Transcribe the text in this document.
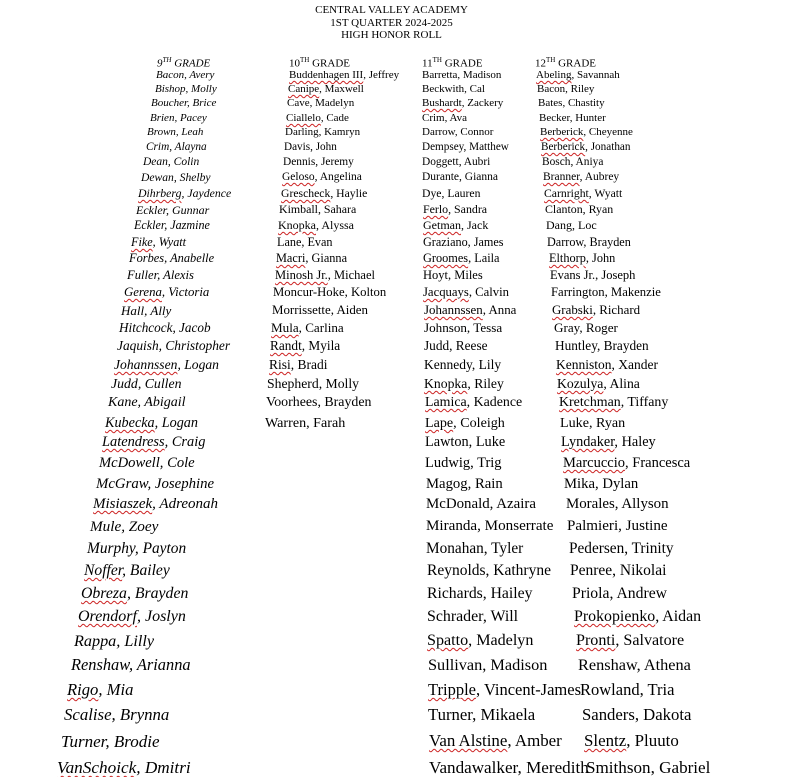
CENTRAL VALLEY ACADEMY
1ST QUARTER 2024-2025
HIGH HONOR ROLL
9TH GRADE
Bacon, Avery
Bishop, Molly
Boucher, Brice
Brien, Pacey
Brown, Leah
Crim, Alayna
Dean, Colin
Dewan, Shelby
Dihrberg, Jaydence
Eckler, Gunnar
Eckler, Jazmine
Fike, Wyatt
Forbes, Anabelle
Fuller, Alexis
Gerena, Victoria
Hall, Ally
Hitchcock, Jacob
Jaquish, Christopher
Johannssen, Logan
Judd, Cullen
Kane, Abigail
Kubecka, Logan
Latendress, Craig
McDowell, Cole
McGraw, Josephine
Misiaszek, Adreonah
Mule, Zoey
Murphy, Payton
Noffer, Bailey
Obreza, Brayden
Orendorf, Joslyn
Rappa, Lilly
Renshaw, Arianna
Rigo, Mia
Scalise, Brynna
Turner, Brodie
VanSchoick, Dmitri
10TH GRADE
Buddenhagen III, Jeffrey
Canipe, Maxwell
Cave, Madelyn
Ciallelo, Cade
Darling, Kamryn
Davis, John
Dennis, Jeremy
Geloso, Angelina
Grescheck, Haylie
Kimball, Sahara
Knopka, Alyssa
Lane, Evan
Macri, Gianna
Minosh Jr., Michael
Moncur-Hoke, Kolton
Morrissette, Aiden
Mula, Carlina
Randt, Myila
Risi, Bradi
Shepherd, Molly
Voorhees, Brayden
Warren, Farah
11TH GRADE
Barretta, Madison
Beckwith, Cal
Bushardt, Zackery
Crim, Ava
Darrow, Connor
Dempsey, Matthew
Doggett, Aubri
Durante, Gianna
Dye, Lauren
Ferlo, Sandra
Getman, Jack
Graziano, James
Groomes, Laila
Hoyt, Miles
Jacquays, Calvin
Johannssen, Anna
Johnson, Tessa
Judd, Reese
Kennedy, Lily
Knopka, Riley
Lamica, Kadence
Lape, Coleigh
Lawton, Luke
Ludwig, Trig
Magog, Rain
McDonald, Azaira
Miranda, Monserrate
Monahan, Tyler
Reynolds, Kathryne
Richards, Hailey
Schrader, Will
Spatto, Madelyn
Sullivan, Madison
Tripple, Vincent-James
Turner, Mikaela
Van Alstine, Amber
Vandawalker, Meredith
12TH GRADE
Abeling, Savannah
Bacon, Riley
Bates, Chastity
Becker, Hunter
Berberick, Cheyenne
Berberick, Jonathan
Bosch, Aniya
Branner, Aubrey
Carnright, Wyatt
Clanton, Ryan
Dang, Loc
Darrow, Brayden
Elthorp, John
Evans Jr., Joseph
Farrington, Makenzie
Grabski, Richard
Gray, Roger
Huntley, Brayden
Kenniston, Xander
Kozulya, Alina
Kretchman, Tiffany
Luke, Ryan
Lyndaker, Haley
Marcuccio, Francesca
Mika, Dylan
Morales, Allyson
Palmieri, Justine
Pedersen, Trinity
Penree, Nikolai
Priola, Andrew
Prokopienko, Aidan
Pronti, Salvatore
Renshaw, Athena
Rowland, Tria
Sanders, Dakota
Slentz, Pluuto
Smithson, Gabriel
